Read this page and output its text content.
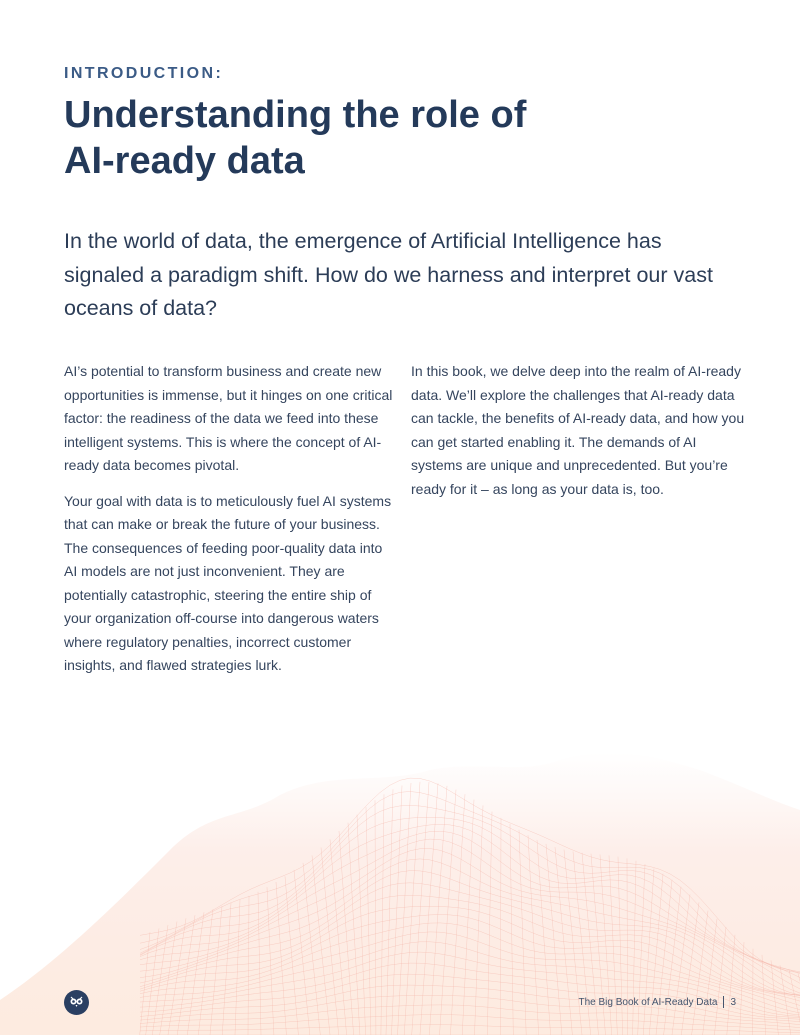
INTRODUCTION:
Understanding the role of
AI-ready data

In the world of data, the emergence of Artificial Intelligence has signaled a paradigm shift. How do we harness and interpret our vast oceans of data?

AI’s potential to transform business and create new opportunities is immense, but it hinges on one critical factor: the readiness of the data we feed into these intelligent systems. This is where the concept of AI-ready data becomes pivotal.

Your goal with data is to meticulously fuel AI systems that can make or break the future of your business. The consequences of feeding poor-quality data into AI models are not just inconvenient. They are potentially catastrophic, steering the entire ship of your organization off-course into dangerous waters where regulatory penalties, incorrect customer insights, and flawed strategies lurk.

In this book, we delve deep into the realm of AI-ready data. We’ll explore the challenges that AI-ready data can tackle, the benefits of AI-ready data, and how you can get started enabling it. The demands of AI systems are unique and unprecedented. But you’re ready for it – as long as your data is, too.

The Big Book of AI-Ready Data 3
